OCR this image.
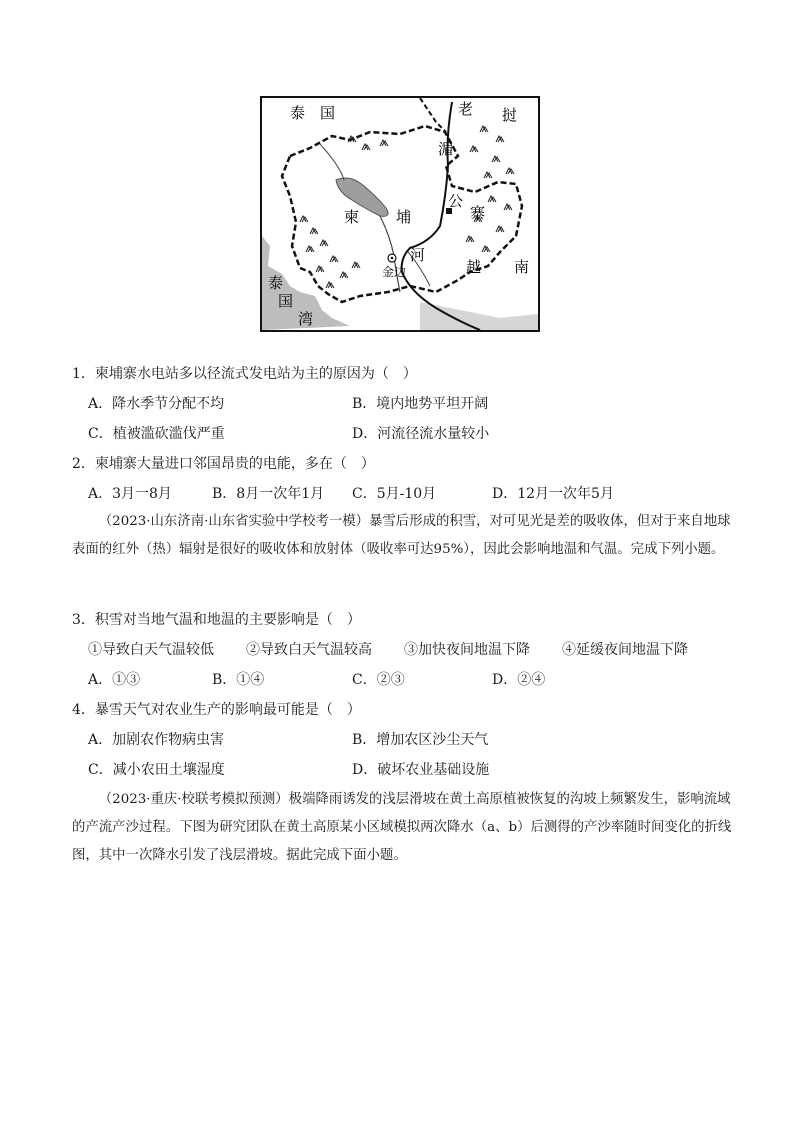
泰　国	老 挝
湄
公
柬 埔	寨
河
金边	越 南
泰
国
湾
1．柬埔寨水电站多以径流式发电站为主的原因为（　）
A．降水季节分配不均	B．境内地势平坦开阔
C．植被滥砍滥伐严重	D．河流径流水量较小
2．柬埔寨大量进口邻国昂贵的电能，多在（　）
A．3月一8月	B．8月一次年1月 C．5月-10月	D．12月一次年5月
（2023·山东济南·山东省实验中学校考一模）暴雪后形成的积雪，对可见光是差的吸收体，但对于来自地球表面的红外（热）辐射是很好的吸收体和放射体（吸收率可达95%），因此会影响地温和气温。完成下列小题。
3．积雪对当地气温和地温的主要影响是（　）
①导致白天气温较低 ②导致白天气温较高 ③加快夜间地温下降 ④延缓夜间地温下降
A．①③	B．①④	C．②③	D．②④
4．暴雪天气对农业生产的影响最可能是（　）
A．加剧农作物病虫害	B．增加农区沙尘天气
C．减小农田土壤湿度	D．破坏农业基础设施
（2023·重庆·校联考模拟预测）极端降雨诱发的浅层滑坡在黄土高原植被恢复的沟坡上频繁发生，影响流域的产流产沙过程。下图为研究团队在黄土高原某小区域模拟两次降水（a、b）后测得的产沙率随时间变化的折线图，其中一次降水引发了浅层滑坡。据此完成下面小题。
